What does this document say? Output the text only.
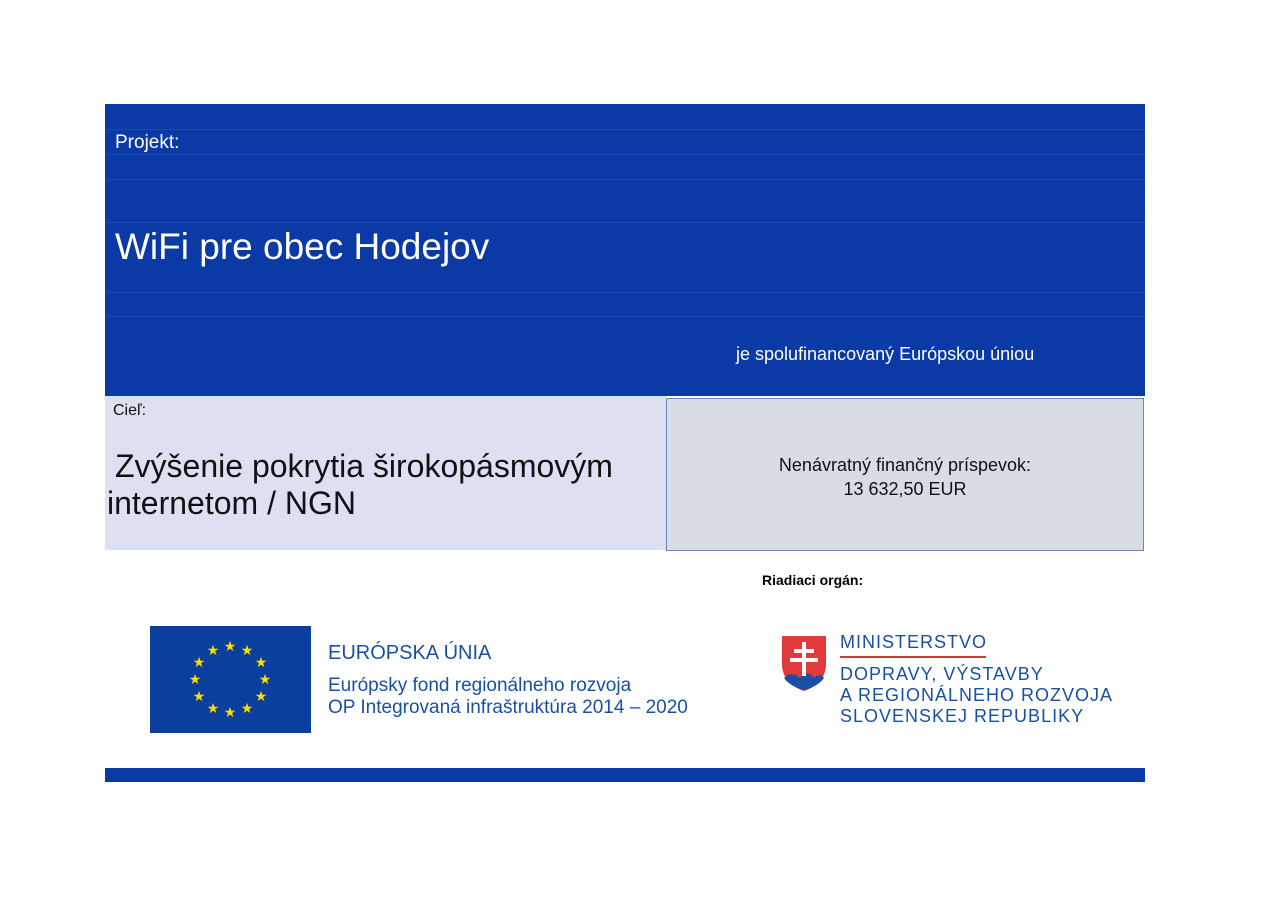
Projekt:
WiFi pre obec Hodejov
je spolufinancovaný Európskou úniou
Cieľ:
Zvýšenie pokrytia širokopásmovým
internetom / NGN
Nenávratný finančný príspevok:
13 632,50 EUR
Riadiaci orgán:
★ ★
★
★
★
★
★
★
★
★
★
★	EURÓPSKA ÚNIA
Európsky fond regionálneho rozvoja
OP Integrovaná infraštruktúra 2014 – 2020
MINISTERSTVO
DOPRAVY, VÝSTAVBY
A REGIONÁLNEHO ROZVOJA
SLOVENSKEJ REPUBLIKY
